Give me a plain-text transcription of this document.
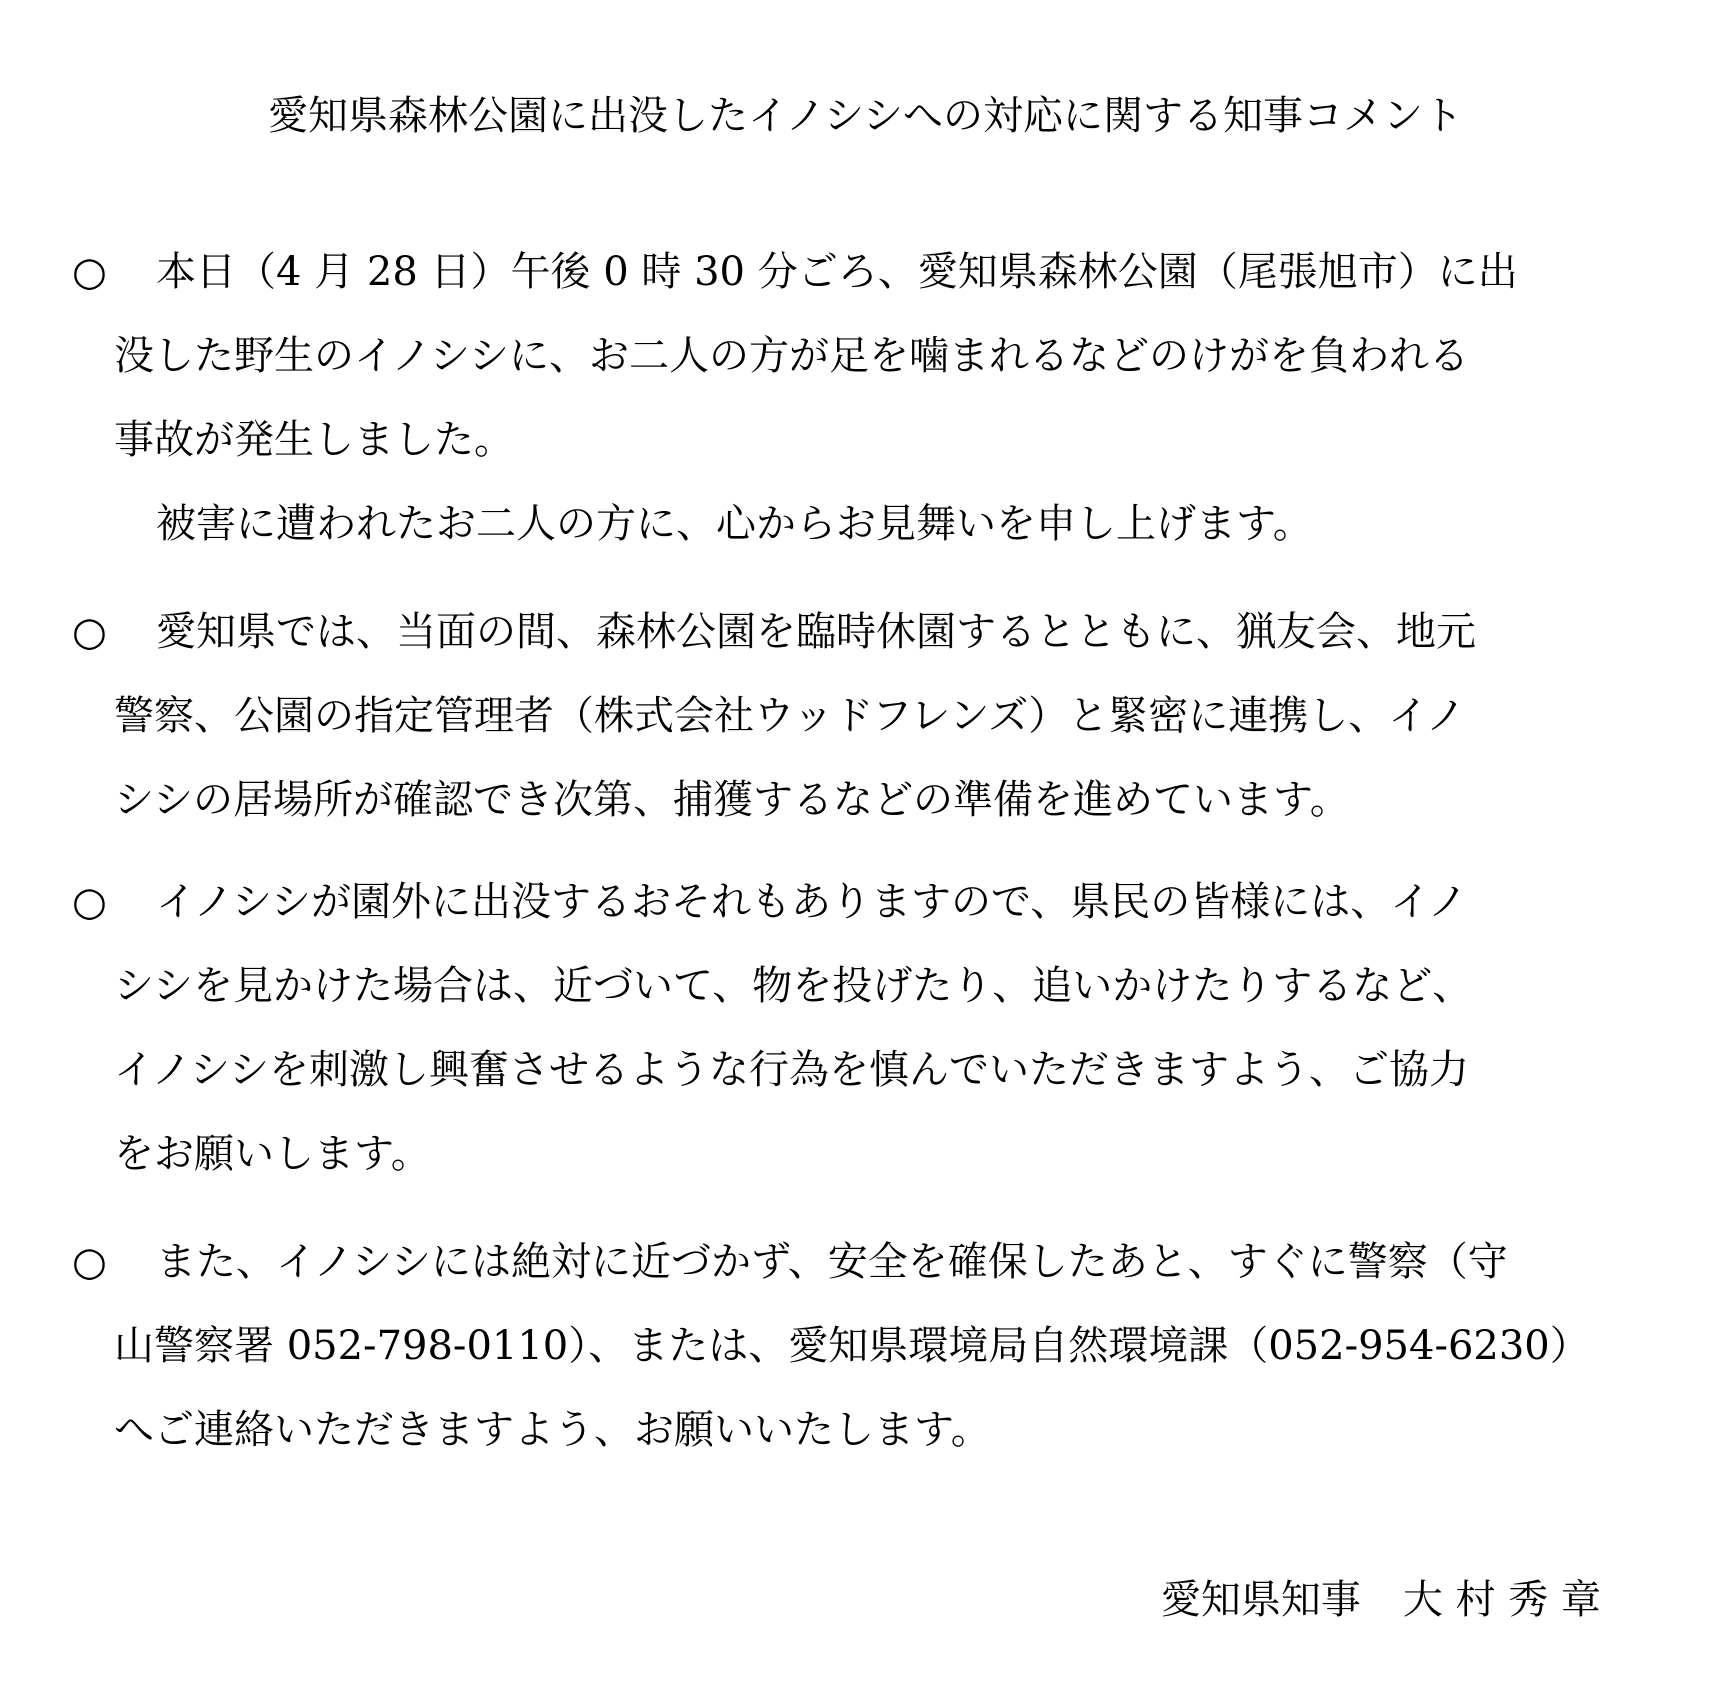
愛知県森林公園に出没したイノシシへの対応に関する知事コメント
○	本日（4 月 28 日）午後 0 時 30 分ごろ、愛知県森林公園（尾張旭市）に出
没した野生のイノシシに、お二人の方が足を噛まれるなどのけがを負われる
事故が発生しました。
被害に遭われたお二人の方に、心からお見舞いを申し上げます。

○	愛知県では、当面の間、森林公園を臨時休園するとともに、猟友会、地元
警察、公園の指定管理者（株式会社ウッドフレンズ）と緊密に連携し、イノ
シシの居場所が確認でき次第、捕獲するなどの準備を進めています。

○	イノシシが園外に出没するおそれもありますので、県民の皆様には、イノ
シシを見かけた場合は、近づいて、物を投げたり、追いかけたりするなど、
イノシシを刺激し興奮させるような行為を慎んでいただきますよう、ご協力
をお願いします。

○	また、イノシシには絶対に近づかず、安全を確保したあと、すぐに警察（守
山警察署 052-798-0110）、または、愛知県環境局自然環境課（052-954-6230）
へご連絡いただきますよう、お願いいたします。

愛知県知事 大 村 秀 章
